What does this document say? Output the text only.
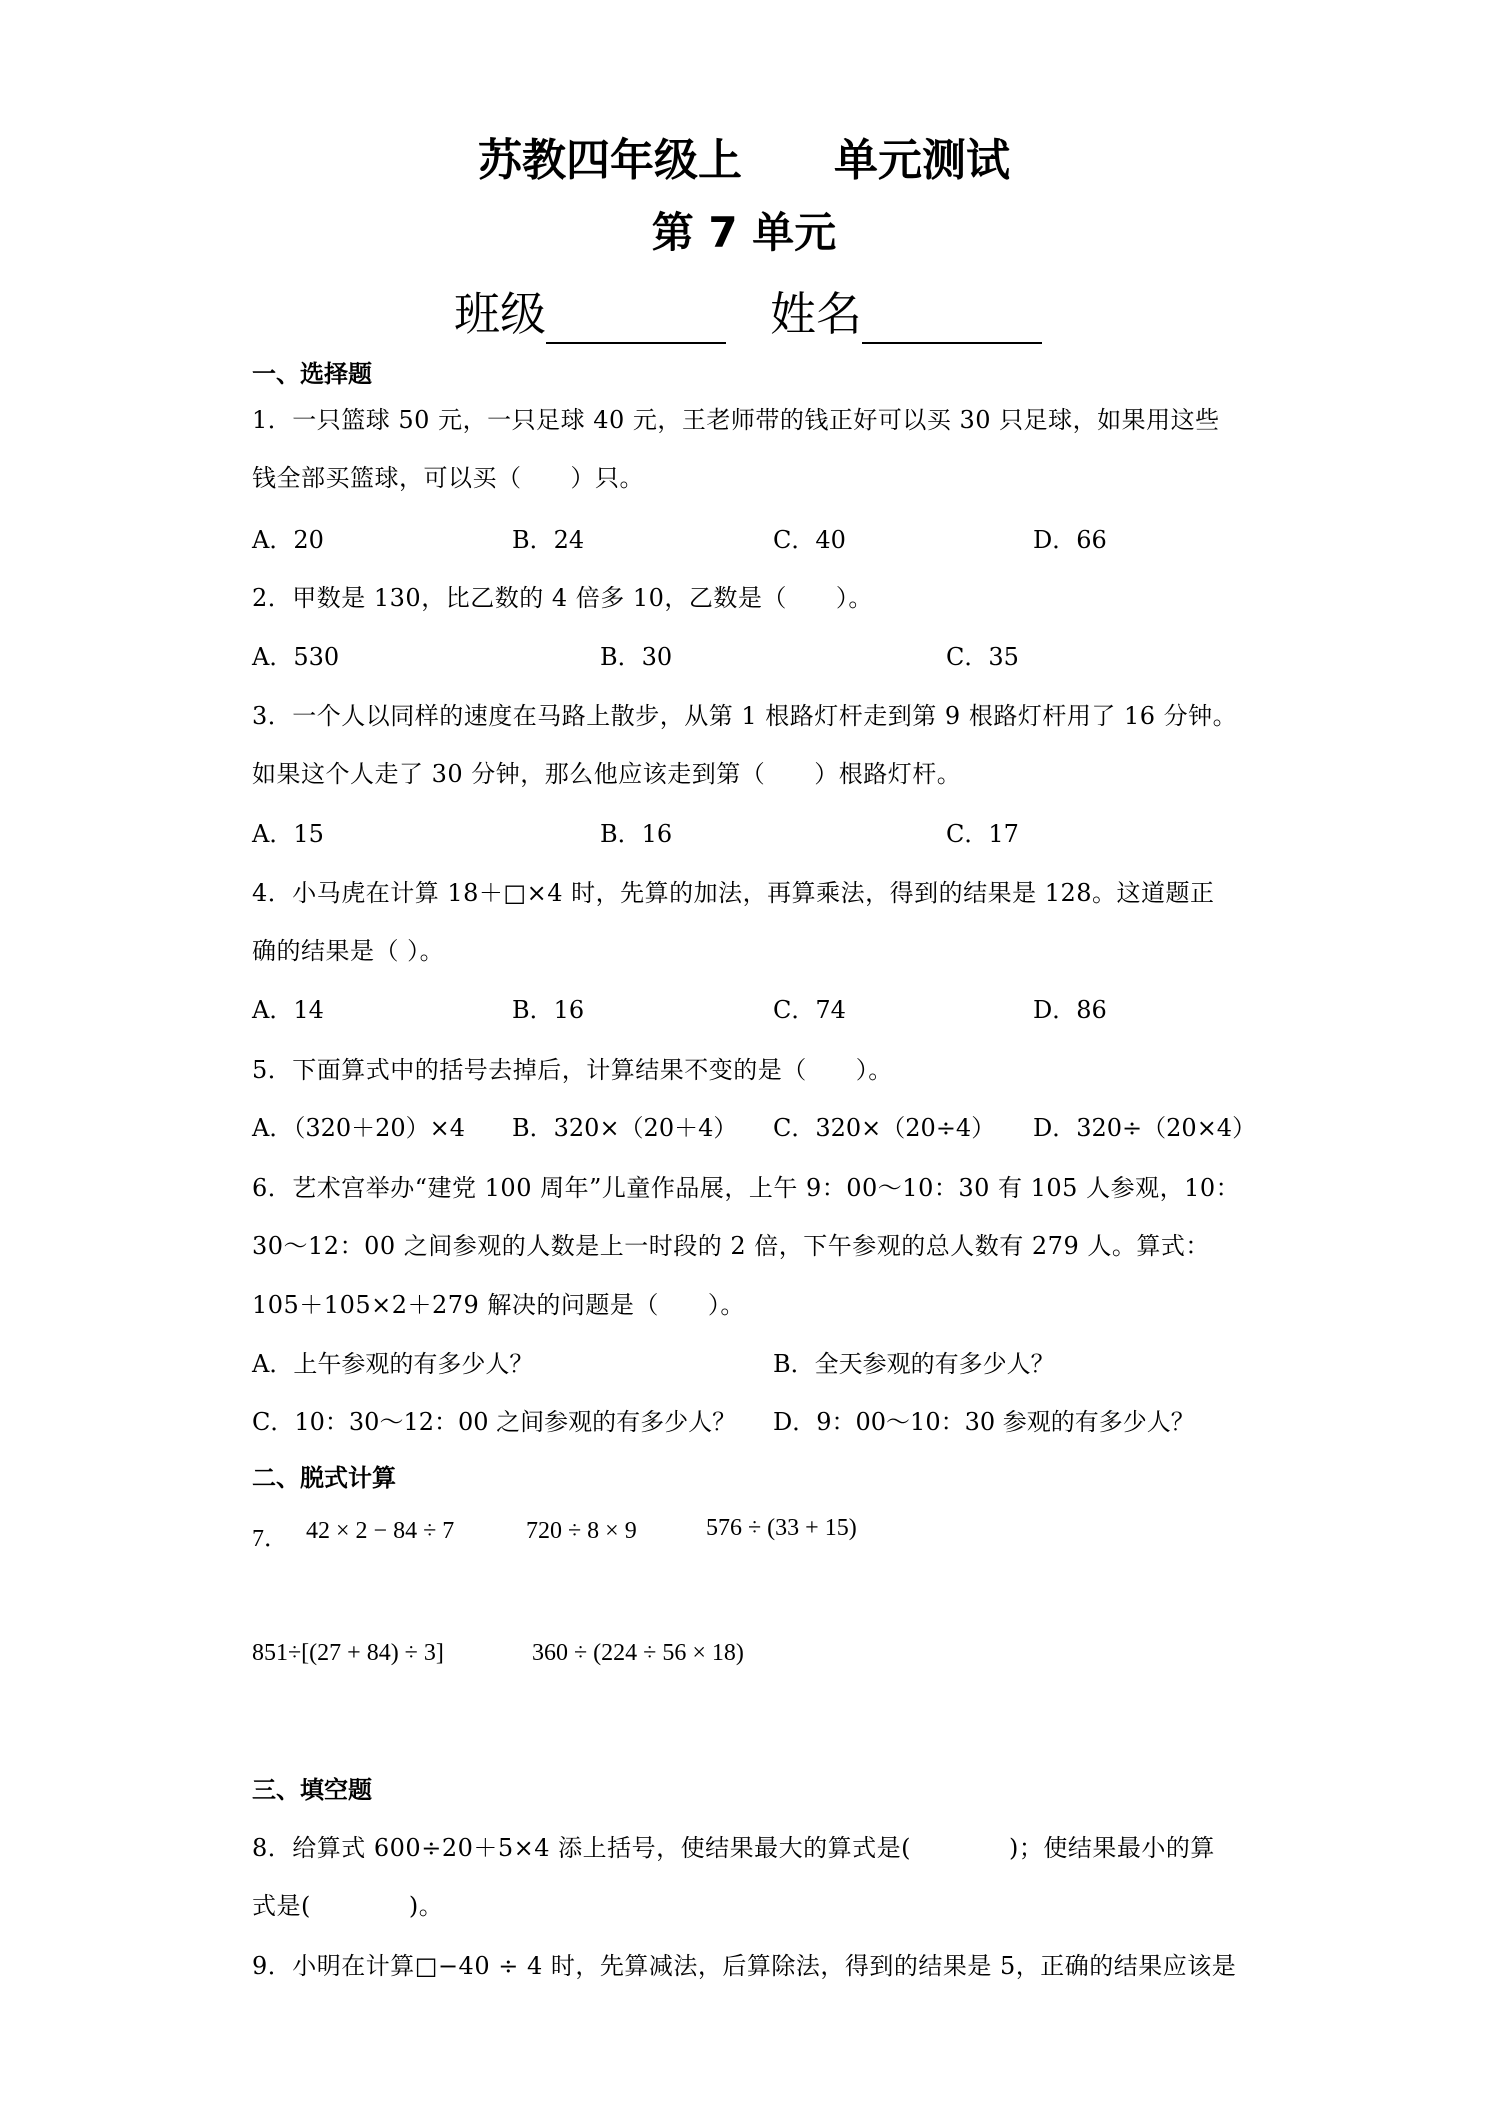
苏教四年级上      单元测试
第 7 单元
班级	姓名
一、选择题
1．一只篮球 50 元，一只足球 40 元，王老师带的钱正好可以买 30 只足球，如果用这些
钱全部买篮球，可以买（　　）只。
A．20	B．24	C．40	D．66
2．甲数是 130，比乙数的 4 倍多 10，乙数是（　　）。
A．530	B．30	C．35
3．一个人以同样的速度在马路上散步，从第 1 根路灯杆走到第 9 根路灯杆用了 16 分钟。
如果这个人走了 30 分钟，那么他应该走到第（　　）根路灯杆。
A．15	B．16	C．17
4．小马虎在计算 18＋□×4 时，先算的加法，再算乘法，得到的结果是 128。这道题正
确的结果是（ ）。
A．14	B．16	C．74	D．86
5．下面算式中的括号去掉后，计算结果不变的是（　　）。
A．（320＋20）×4 B．320×（20＋4） C．320×（20÷4） D．320÷（20×4）
6．艺术宫举办“建党 100 周年”儿童作品展，上午 9：00～10：30 有 105 人参观，10：
30～12：00 之间参观的人数是上一时段的 2 倍，下午参观的总人数有 279 人。算式：
105＋105×2＋279 解决的问题是（　　）。
A．上午参观的有多少人？	B．全天参观的有多少人？
C．10：30～12：00 之间参观的有多少人？ D．9：00～10：30 参观的有多少人？
二、脱式计算
7． 42 × 2 − 84 ÷ 7	720 ÷ 8 × 9	576 ÷ (33 + 15)
851÷[(27 + 84) ÷ 3]	360 ÷ (224 ÷ 56 × 18)
三、填空题
8．给算式 600÷20＋5×4 添上括号，使结果最大的算式是(　　　　)；使结果最小的算
式是(　　　　)。
9．小明在计算□−40 ÷ 4 时，先算减法，后算除法，得到的结果是 5，正确的结果应该是
